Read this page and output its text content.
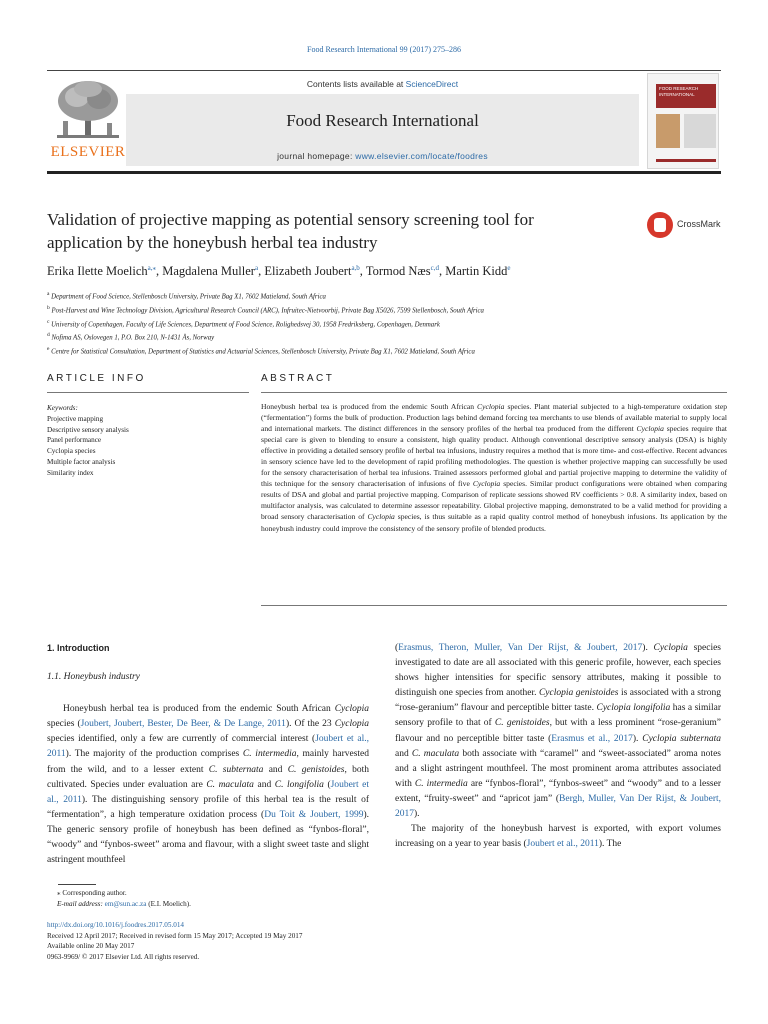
Food Research International 99 (2017) 275–286
ELSEVIER
Contents lists available at ScienceDirect
Food Research International
journal homepage: www.elsevier.com/locate/foodres
FOOD RESEARCH INTERNATIONAL
Validation of projective mapping as potential sensory screening tool for application by the honeybush herbal tea industry
CrossMark
Erika Ilette Moelich$^{a,⁎}$, Magdalena Muller$^a$, Elizabeth Joubert$^{a,b}$, Tormod Næs$^{c,d}$, Martin Kidd$^e$
$^a$ Department of Food Science, Stellenbosch University, Private Bag X1, 7602 Matieland, South Africa
$^b$ Post-Harvest and Wine Technology Division, Agricultural Research Council (ARC), Infruitec-Nietvoorbij, Private Bag X5026, 7599 Stellenbosch, South Africa
$^c$ University of Copenhagen, Faculty of Life Sciences, Department of Food Science, Rolighedsvej 30, 1958 Fredriksberg, Copenhagen, Denmark
$^d$ Nofima AS, Oslovegen 1, P.O. Box 210, N-1431 Ås, Norway
$^e$ Centre for Statistical Consultation, Department of Statistics and Actuarial Sciences, Stellenbosch University, Private Bag X1, 7602 Matieland, South Africa
ARTICLE INFO	ABSTRACT
Keywords:
Projective mapping
Descriptive sensory analysis
Panel performance
Cyclopia species
Multiple factor analysis
Similarity index
Honeybush herbal tea is produced from the endemic South African Cyclopia species. Plant material subjected to a high-temperature oxidation step (“fermentation”) forms the bulk of production. Production lags behind demand forcing tea merchants to use blends of available material to supply local and international markets. The distinct differences in the sensory profiles of the herbal tea produced from the different Cyclopia species require that special care is given to blending to ensure a consistent, high quality product. Although conventional descriptive sensory analysis (DSA) is highly effective in providing a detailed sensory profile of herbal tea infusions, industry requires a method that is more time- and cost-effective. Recent advances in sensory science have led to the development of rapid profiling methodologies. The question is whether projective mapping can successfully be used for the sensory characterisation of herbal tea infusions. Trained assessors performed global and partial projective mapping to determine the validity of this technique for the sensory characterisation of infusions of five Cyclopia species. Similar product configurations were obtained when comparing results of DSA and global and partial projective mapping. Comparison of replicate sessions showed RV coefficients > 0.8. A similarity index, based on multifactor analysis, was calculated to determine assessor repeatability. Global projective mapping, demonstrated to be a valid method for providing a broad sensory characterisation of Cyclopia species, is thus suitable as a rapid quality control method of honeybush infusions. Its application by the honeybush industry could improve the consistency of the sensory profile of blended products.
1. Introduction
1.1. Honeybush industry

Honeybush herbal tea is produced from the endemic South African Cyclopia species (Joubert, Joubert, Bester, De Beer, & De Lange, 2011). Of the 23 Cyclopia species identified, only a few are currently of commercial interest (Joubert et al., 2011). The majority of the production comprises C. intermedia, mainly harvested from the wild, and to a lesser extent C. subternata and C. genistoides, both cultivated. Species under evaluation are C. maculata and C. longifolia (Joubert et al., 2011). The distinguishing sensory profile of this herbal tea is the result of “fermentation”, a high temperature oxidation process (Du Toit & Joubert, 1999). The generic sensory profile of honeybush has been defined as “fynbos-floral”, “woody” and “fynbos-sweet” aroma and flavour, with a slight sweet taste and slight astringent mouthfeel

(Erasmus, Theron, Muller, Van Der Rijst, & Joubert, 2017). Cyclopia species investigated to date are all associated with this generic profile, however, each species shows higher intensities for specific sensory attributes, making it possible to distinguish one species from another. Cyclopia genistoides is associated with a strong “rose-geranium” flavour and perceptible bitter taste. Cyclopia longifolia has a similar sensory profile to that of C. genistoides, but with a less prominent “rose-geranium” flavour and no perceptible bitter taste (Erasmus et al., 2017). Cyclopia subternata and C. maculata both associate with “caramel” and “sweet-associated” aroma notes and a slight astringent mouthfeel. The most prominent aroma attributes associated with C. intermedia are “fynbos-floral”, “fynbos-sweet” and “woody” and to a lesser extent, “fruity-sweet” and “apricot jam” (Bergh, Muller, Van Der Rijst, & Joubert, 2017).

The majority of the honeybush harvest is exported, with export volumes increasing on a year to year basis (Joubert et al., 2011). The

⁎ Corresponding author.
E-mail address: em@sun.ac.za (E.I. Moelich).
http://dx.doi.org/10.1016/j.foodres.2017.05.014
Received 12 April 2017; Received in revised form 15 May 2017; Accepted 19 May 2017
Available online 20 May 2017
0963-9969/ © 2017 Elsevier Ltd. All rights reserved.
